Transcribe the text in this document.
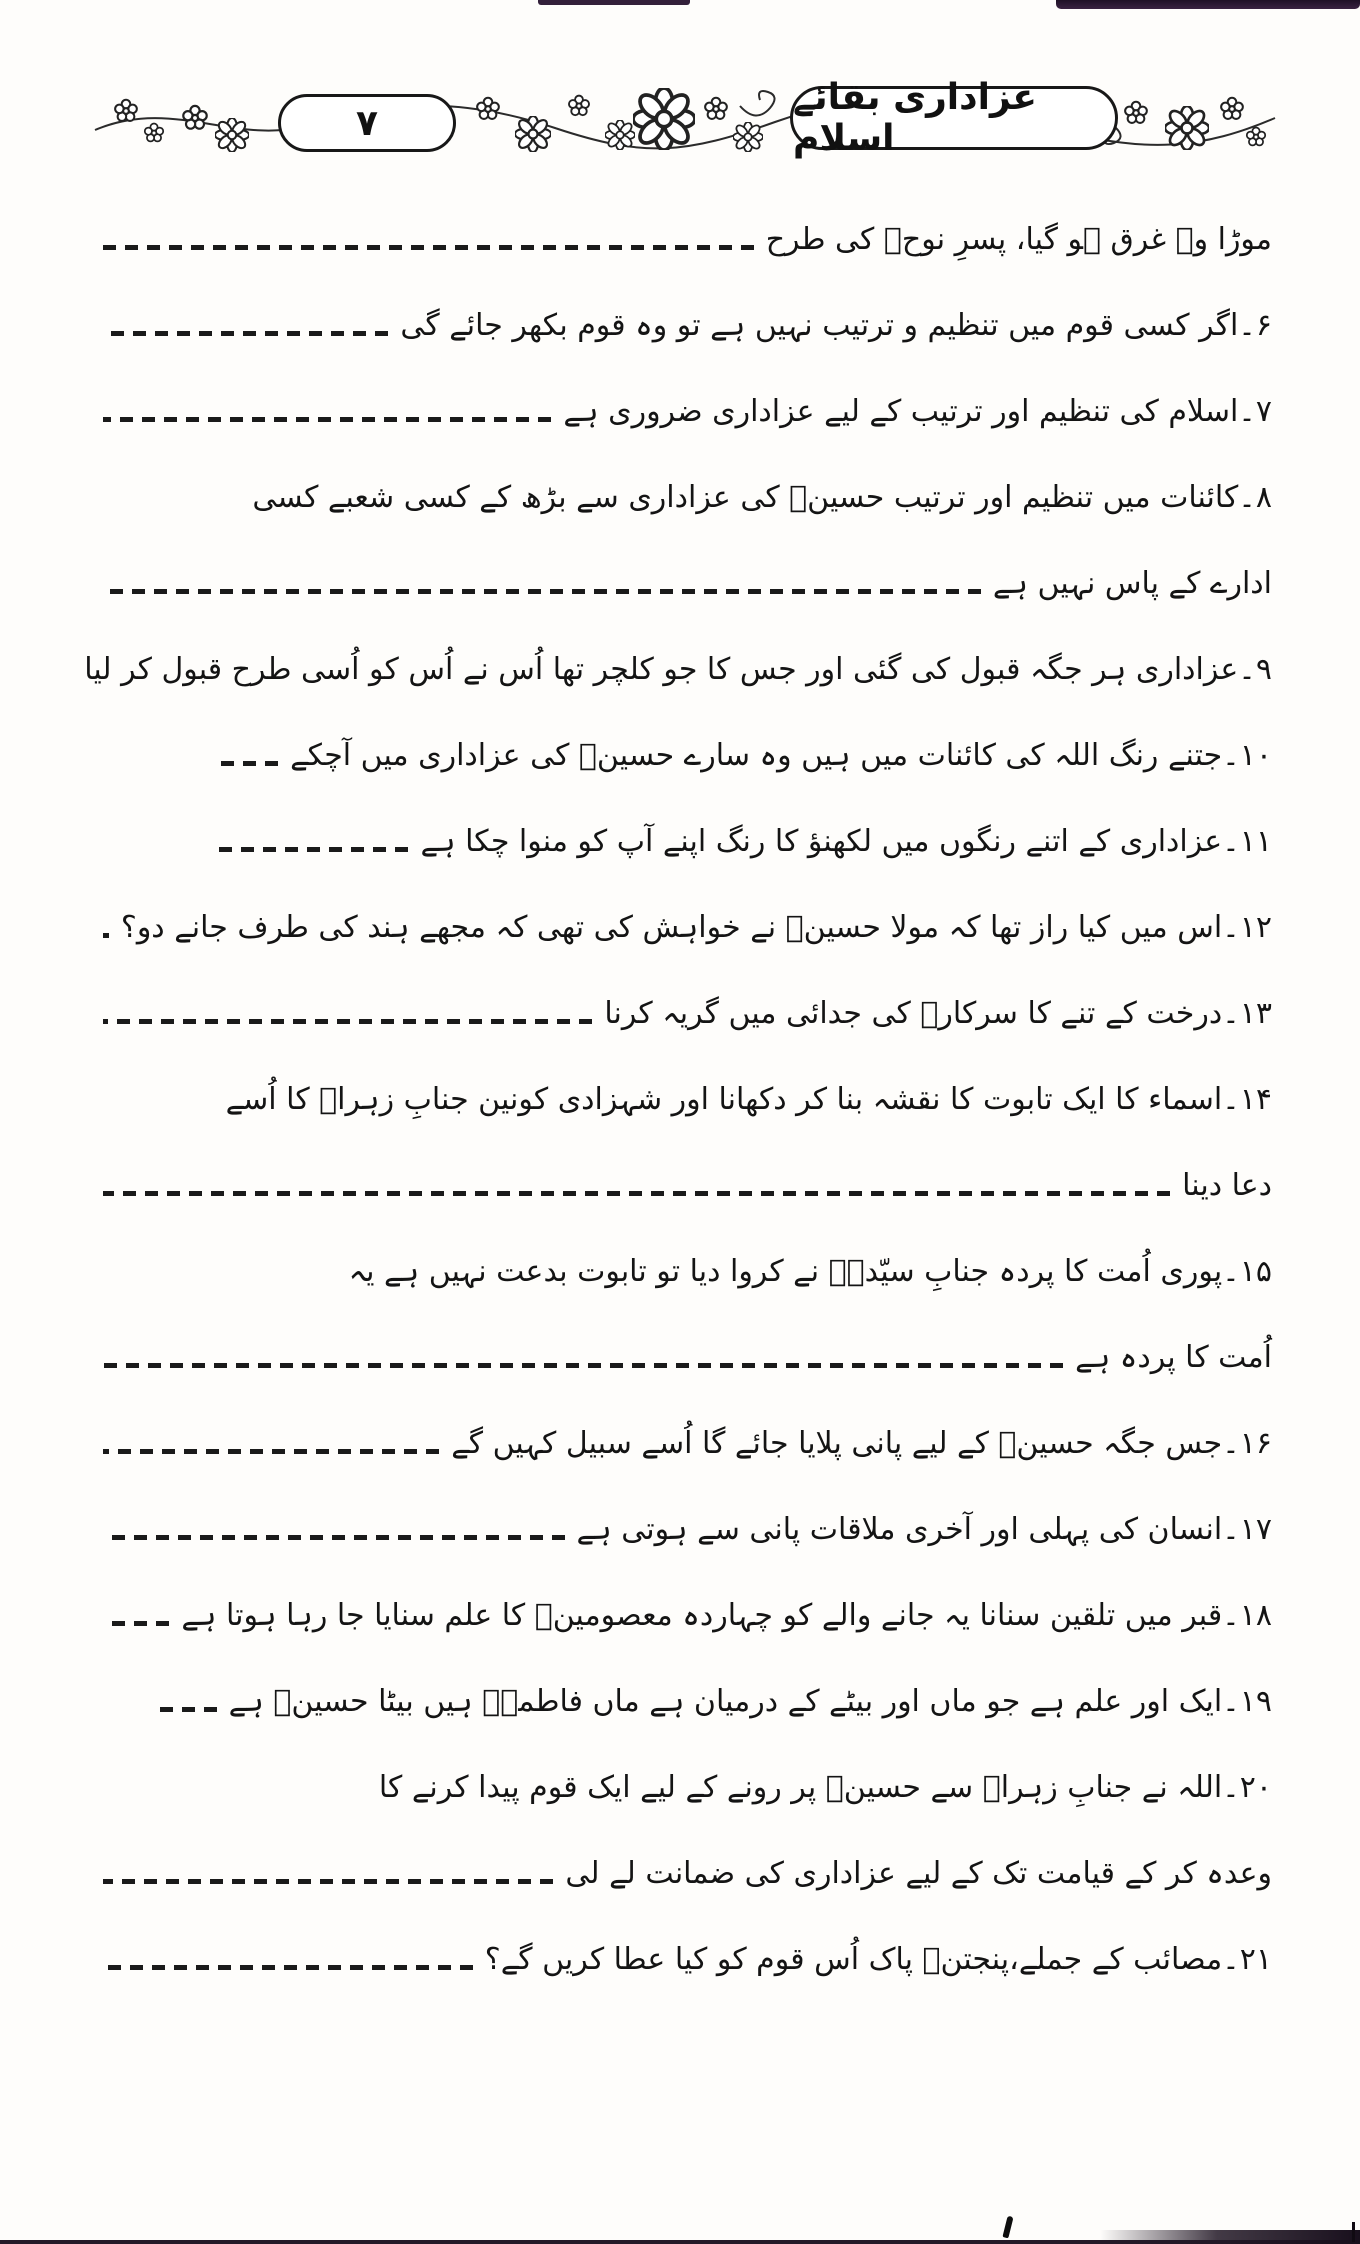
۷
عزاداری بقائے اسلام
موڑا وہ غرق ہو گیا، پسرِ نوحؑ کی طرح
۶۔اگر کسی قوم میں تنظیم و ترتیب نہیں ہے تو وہ قوم بکھر جائے گی
۷۔اسلام کی تنظیم اور ترتیب کے لیے عزاداری ضروری ہے
۸۔کائنات میں تنظیم اور ترتیب حسینؑ کی عزاداری سے بڑھ کے کسی شعبے کسی
ادارے کے پاس نہیں ہے
۹۔عزاداری ہر جگہ قبول کی گئی اور جس کا جو کلچر تھا اُس نے اُس کو اُسی طرح قبول کر لیا
۱۰۔جتنے رنگ اللہ کی کائنات میں ہیں وہ سارے حسینؑ کی عزاداری میں آچکے
۱۱۔عزاداری کے اتنے رنگوں میں لکھنؤ کا رنگ اپنے آپ کو منوا چکا ہے
۱۲۔اس میں کیا راز تھا کہ مولا حسینؑ نے خواہش کی تھی کہ مجھے ہند کی طرف جانے دو؟
۱۳۔درخت کے تنے کا سرکارؐ کی جدائی میں گریہ کرنا
۱۴۔اسماء کا ایک تابوت کا نقشہ بنا کر دکھانا اور شہزادی کونین جنابِ زہراؑ کا اُسے
دعا دینا
۱۵۔پوری اُمت کا پردہ جنابِ سیّدہؑ نے کروا دیا تو تابوت بدعت نہیں ہے یہ
اُمت کا پردہ ہے
۱۶۔جس جگہ حسینؑ کے لیے پانی پلایا جائے گا اُسے سبیل کہیں گے
۱۷۔انسان کی پہلی اور آخری ملاقات پانی سے ہوتی ہے
۱۸۔قبر میں تلقین سنانا یہ جانے والے کو چہاردہ معصومینؑ کا علم سنایا جا رہا ہوتا ہے
۱۹۔ایک اور علم ہے جو ماں اور بیٹے کے درمیان ہے ماں فاطمہؑ ہیں بیٹا حسینؑ ہے
۲۰۔اللہ نے جنابِ زہراؑ سے حسینؑ پر رونے کے لیے ایک قوم پیدا کرنے کا
وعدہ کر کے قیامت تک کے لیے عزاداری کی ضمانت لے لی
۲۱۔مصائب کے جملے،پنجتنؑ پاک اُس قوم کو کیا عطا کریں گے؟
